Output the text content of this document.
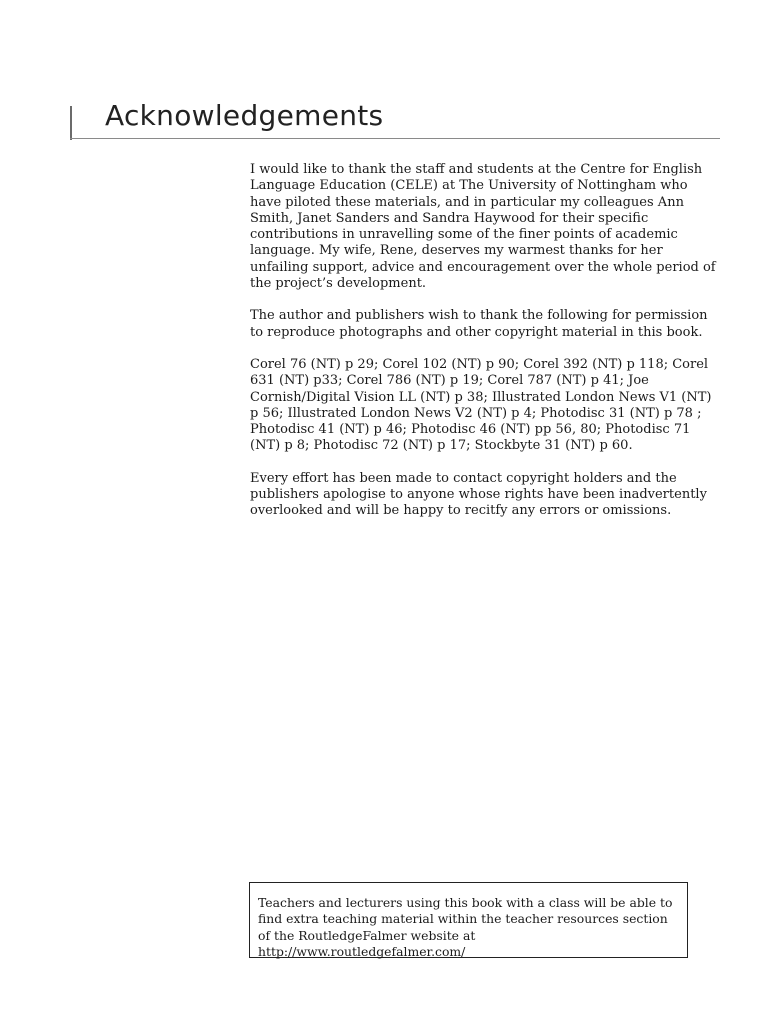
Acknowledgements

I would like to thank the staff and students at the Centre for English Language Education (CELE) at The University of Nottingham who have piloted these materials, and in particular my colleagues Ann Smith, Janet Sanders and Sandra Haywood for their specific contributions in unravelling some of the finer points of academic language. My wife, Rene, deserves my warmest thanks for her unfailing support, advice and encouragement over the whole period of the project’s development.

The author and publishers wish to thank the following for permission to reproduce photographs and other copyright material in this book.

Corel 76 (NT) p 29; Corel 102 (NT) p 90; Corel 392 (NT) p 118; Corel 631 (NT) p33; Corel 786 (NT) p 19; Corel 787 (NT) p 41; Joe Cornish/Digital Vision LL (NT) p 38; Illustrated London News V1 (NT) p 56; Illustrated London News V2 (NT) p 4; Photodisc 31 (NT) p 78 ; Photodisc 41 (NT) p 46; Photodisc 46 (NT) pp 56, 80; Photodisc 71 (NT) p 8; Photodisc 72 (NT) p 17; Stockbyte 31 (NT) p 60.

Every effort has been made to contact copyright holders and the publishers apologise to anyone whose rights have been inadvertently overlooked and will be happy to recitfy any errors or omissions.

Teachers and lecturers using this book with a class will be able to find extra teaching material within the teacher resources section of the RoutledgeFalmer website at http://www.routledgefalmer.com/
